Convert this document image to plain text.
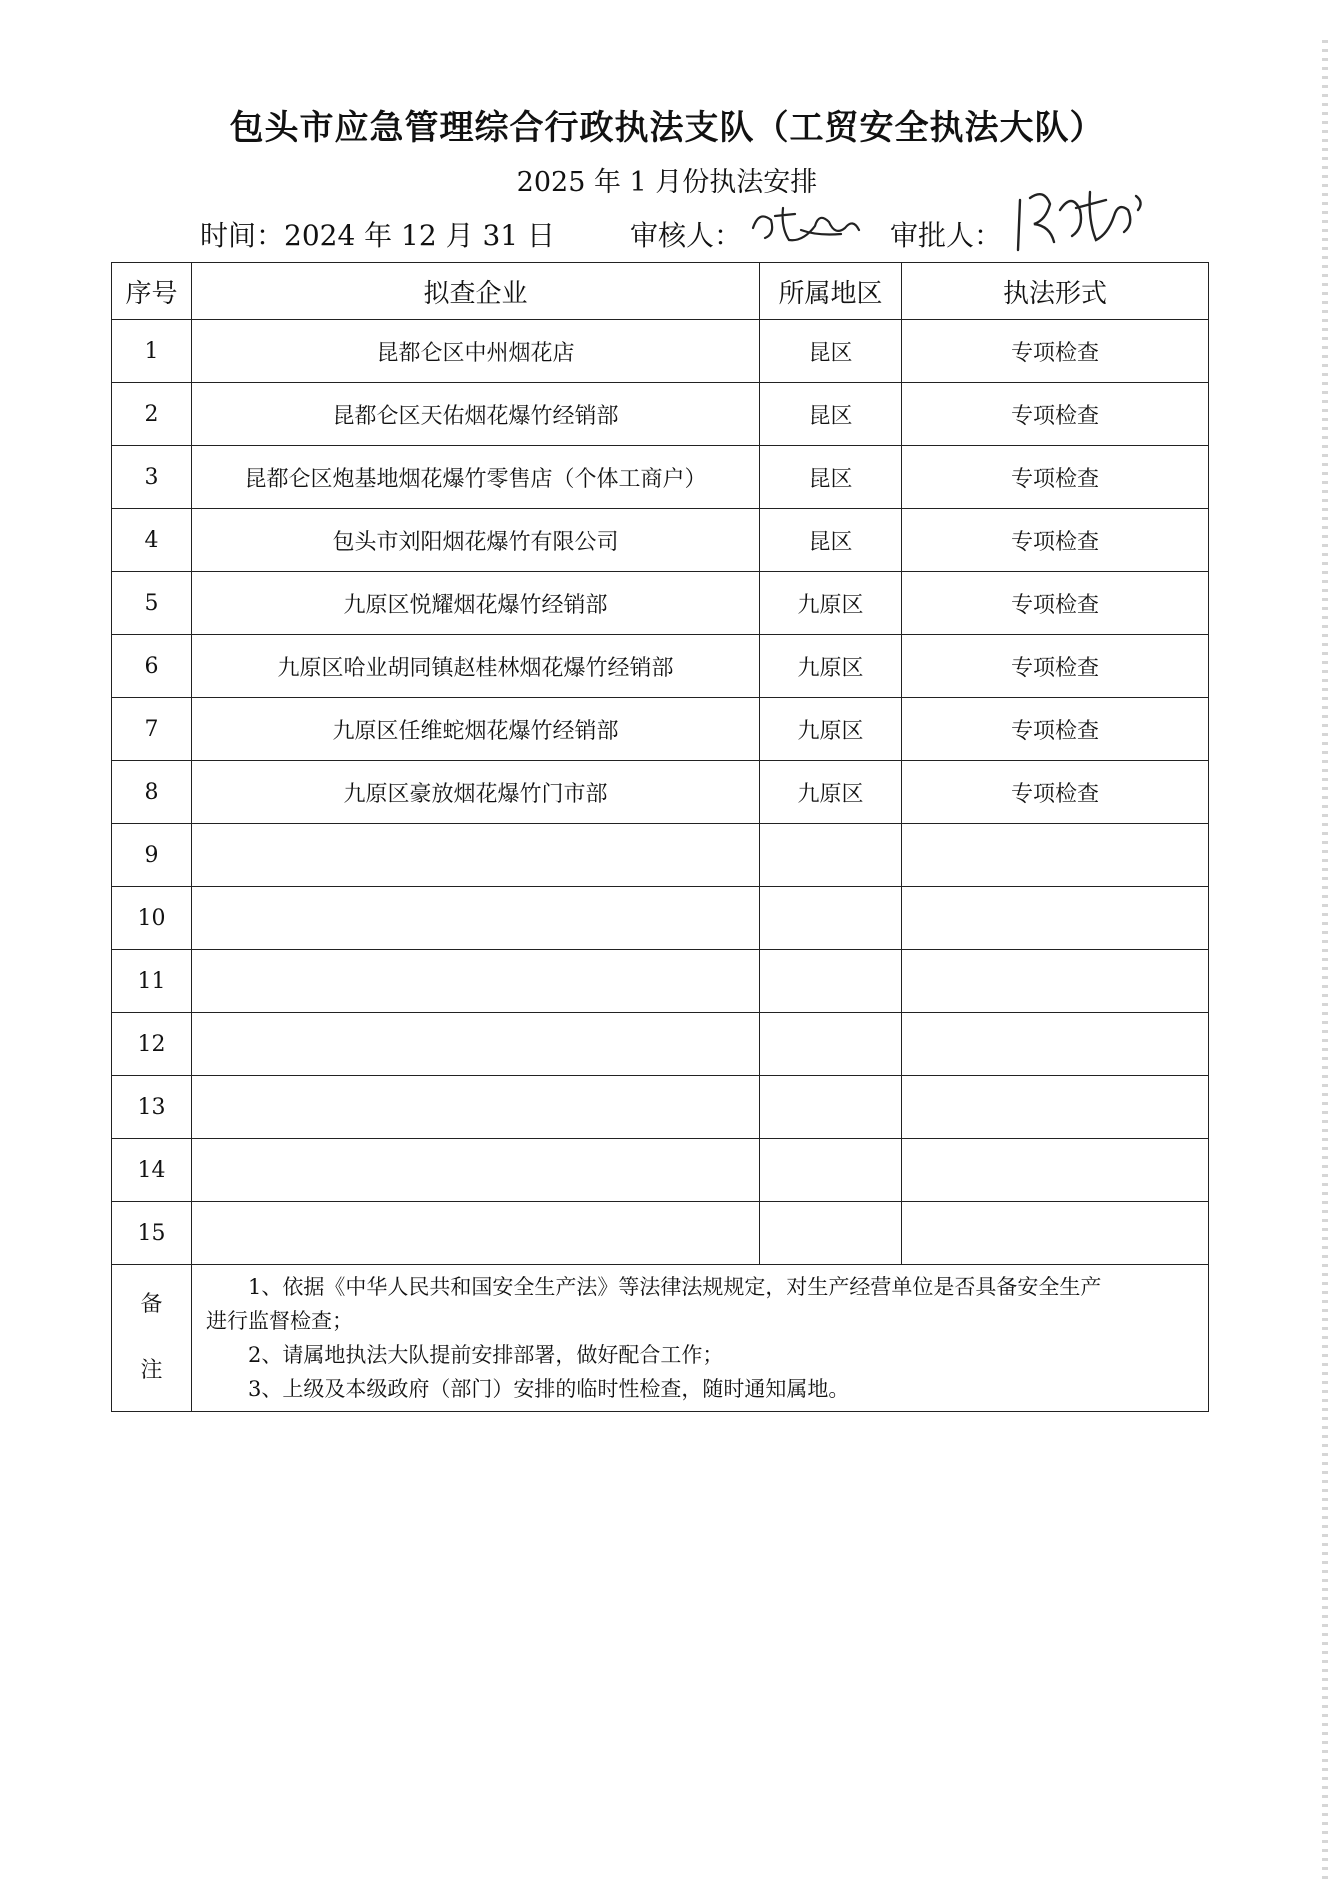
包头市应急管理综合行政执法支队（工贸安全执法大队）
2025 年 1 月份执法安排
时间：2024 年 12 月 31 日	审核人：	审批人：
序号	拟查企业	所属地区	执法形式
1	昆都仑区中州烟花店	昆区	专项检查
2	昆都仑区天佑烟花爆竹经销部	昆区	专项检查
3	昆都仑区炮基地烟花爆竹零售店（个体工商户）	昆区	专项检查
4	包头市刘阳烟花爆竹有限公司	昆区	专项检查
5	九原区悦耀烟花爆竹经销部	九原区	专项检查
6	九原区哈业胡同镇赵桂林烟花爆竹经销部	九原区	专项检查
7	九原区任维蛇烟花爆竹经销部	九原区	专项检查
8	九原区豪放烟花爆竹门市部	九原区	专项检查
9			
10			
11			
12			
13			
14			
15			

备
注	1、依据《中华人民共和国安全生产法》等法律法规规定，对生产经营单位是否具备安全生产
进行监督检查；
2、请属地执法大队提前安排部署，做好配合工作；
3、上级及本级政府（部门）安排的临时性检查，随时通知属地。		
